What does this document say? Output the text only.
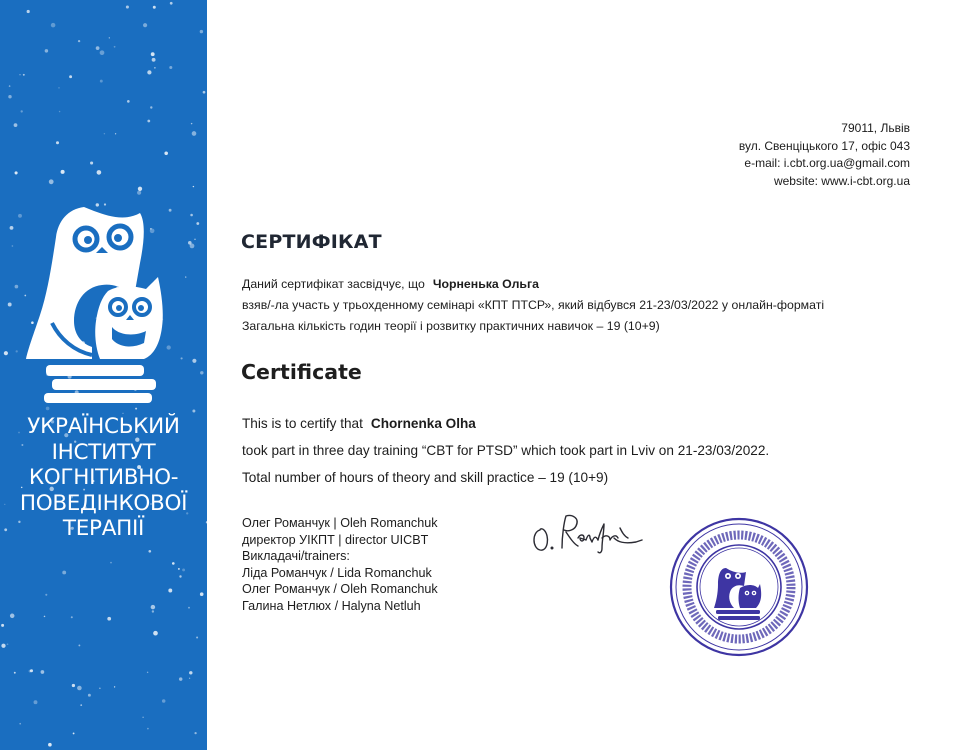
УКРАЇНСЬКИЙ
ІНСТИТУТ
КОГНІТИВНО-
ПОВЕДІНКОВОЇ
ТЕРАПІЇ
79011, Львів
вул. Свенціцького 17, офіс 043
e-mail: i.cbt.org.ua@gmail.com
website: www.i-cbt.org.ua
СЕРТИФІКАТ
Даний сертифікат засвідчує, що Чорненька Ольга
взяв/-ла участь у трьохденному семінарі «КПТ ПТСР», який відбувся 21-23/03/2022 у онлайн-форматі
Загальна кількість годин теорії і розвитку практичних навичок – 19 (10+9)
Certificate
This is to certify that Chornenka Olha
took part in three day training “CBT for PTSD” which took part in Lviv on 21-23/03/2022.
Total number of hours of theory and skill practice – 19 (10+9)
Олег Романчук | Oleh Romanchuk
директор УІКПТ | director UICBT
Викладачі/trainers:
Ліда Романчук / Lida Romanchuk
Олег Романчук / Oleh Romanchuk
Галина Нетлюх / Halyna Netluh
